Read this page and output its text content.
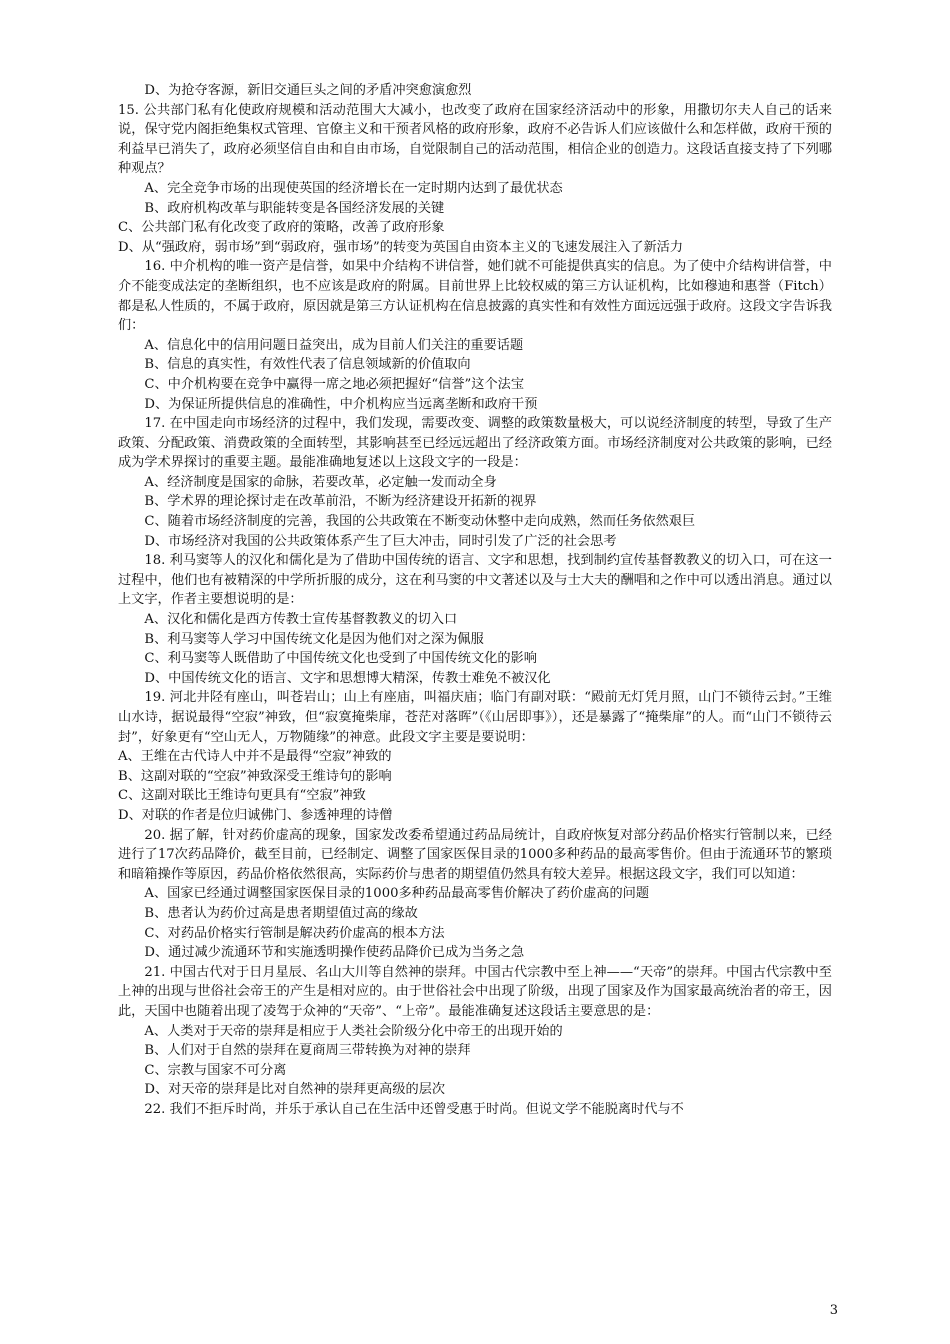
D、为抢夺客源，新旧交通巨头之间的矛盾冲突愈演愈烈

15. 公共部门私有化使政府规模和活动范围大大减小，也改变了政府在国家经济活动中的形象，用撒切尔夫人自己的话来说，保守党内阁拒绝集权式管理、官僚主义和干预者风格的政府形象，政府不必告诉人们应该做什么和怎样做，政府干预的利益早已消失了，政府必须坚信自由和自由市场，自觉限制自己的活动范围，相信企业的创造力。这段话直接支持了下列哪种观点？

A、完全竞争市场的出现使英国的经济增长在一定时期内达到了最优状态

B、政府机构改革与职能转变是各国经济发展的关键

C、公共部门私有化改变了政府的策略，改善了政府形象

D、从“强政府，弱市场”到“弱政府，强市场”的转变为英国自由资本主义的飞速发展注入了新活力

16. 中介机构的唯一资产是信誉，如果中介结构不讲信誉，她们就不可能提供真实的信息。为了使中介结构讲信誉，中介不能变成法定的垄断组织，也不应该是政府的附属。目前世界上比较权威的第三方认证机构，比如穆迪和惠誉（Fitch）都是私人性质的，不属于政府，原因就是第三方认证机构在信息披露的真实性和有效性方面远远强于政府。这段文字告诉我们：

A、信息化中的信用问题日益突出，成为目前人们关注的重要话题

B、信息的真实性，有效性代表了信息领域新的价值取向

C、中介机构要在竞争中赢得一席之地必须把握好“信誉”这个法宝

D、为保证所提供信息的准确性，中介机构应当远离垄断和政府干预

17. 在中国走向市场经济的过程中，我们发现，需要改变、调整的政策数量极大，可以说经济制度的转型，导致了生产政策、分配政策、消费政策的全面转型，其影响甚至已经远远超出了经济政策方面。市场经济制度对公共政策的影响，已经成为学术界探讨的重要主题。最能准确地复述以上这段文字的一段是：

A、经济制度是国家的命脉，若要改革，必定触一发而动全身

B、学术界的理论探讨走在改革前沿，不断为经济建设开拓新的视界

C、随着市场经济制度的完善，我国的公共政策在不断变动休整中走向成熟，然而任务依然艰巨

D、市场经济对我国的公共政策体系产生了巨大冲击，同时引发了广泛的社会思考

18. 利马窦等人的汉化和儒化是为了借助中国传统的语言、文字和思想，找到制约宣传基督教教义的切入口，可在这一过程中，他们也有被精深的中学所折服的成分，这在利马窦的中文著述以及与士大夫的酬唱和之作中可以透出消息。通过以上文字，作者主要想说明的是：

A、汉化和儒化是西方传教士宣传基督教教义的切入口

B、利马窦等人学习中国传统文化是因为他们对之深为佩服

C、利马窦等人既借助了中国传统文化也受到了中国传统文化的影响

D、中国传统文化的语言、文字和思想博大精深，传教士难免不被汉化

19. 河北井陉有座山，叫苍岩山；山上有座庙，叫福庆庙；临门有副对联：“殿前无灯凭月照，山门不锁待云封。”王维山水诗，据说最得“空寂”神致，但“寂寞掩柴扉，苍茫对落晖”（《山居即事》），还是暴露了“掩柴扉”的人。而“山门不锁待云封”，好象更有“空山无人，万物随缘”的神意。此段文字主要是要说明：

A、王维在古代诗人中并不是最得“空寂”神致的

B、这副对联的“空寂”神致深受王维诗句的影响

C、这副对联比王维诗句更具有“空寂”神致

D、对联的作者是位归诚佛门、参透神理的诗僧

20. 据了解，针对药价虚高的现象，国家发改委希望通过药品局统计，自政府恢复对部分药品价格实行管制以来，已经进行了17次药品降价，截至目前，已经制定、调整了国家医保目录的1000多种药品的最高零售价。但由于流通环节的繁琐和暗箱操作等原因，药品价格依然很高，实际药价与患者的期望值仍然具有较大差异。根据这段文字，我们可以知道：

A、国家已经通过调整国家医保目录的1000多种药品最高零售价解决了药价虚高的问题

B、患者认为药价过高是患者期望值过高的缘故

C、对药品价格实行管制是解决药价虚高的根本方法

D、通过减少流通环节和实施透明操作使药品降价已成为当务之急

21. 中国古代对于日月星辰、名山大川等自然神的崇拜。中国古代宗教中至上神——“天帝”的崇拜。中国古代宗教中至上神的出现与世俗社会帝王的产生是相对应的。由于世俗社会中出现了阶级，出现了国家及作为国家最高统治者的帝王，因此，天国中也随着出现了凌驾于众神的“天帝”、“上帝”。最能准确复述这段话主要意思的是：

A、人类对于天帝的崇拜是相应于人类社会阶级分化中帝王的出现开始的

B、人们对于自然的崇拜在夏商周三带转换为对神的崇拜

C、宗教与国家不可分离

D、对天帝的崇拜是比对自然神的崇拜更高级的层次

22. 我们不拒斥时尚，并乐于承认自己在生活中还曾受惠于时尚。但说文学不能脱离时代与不

3
